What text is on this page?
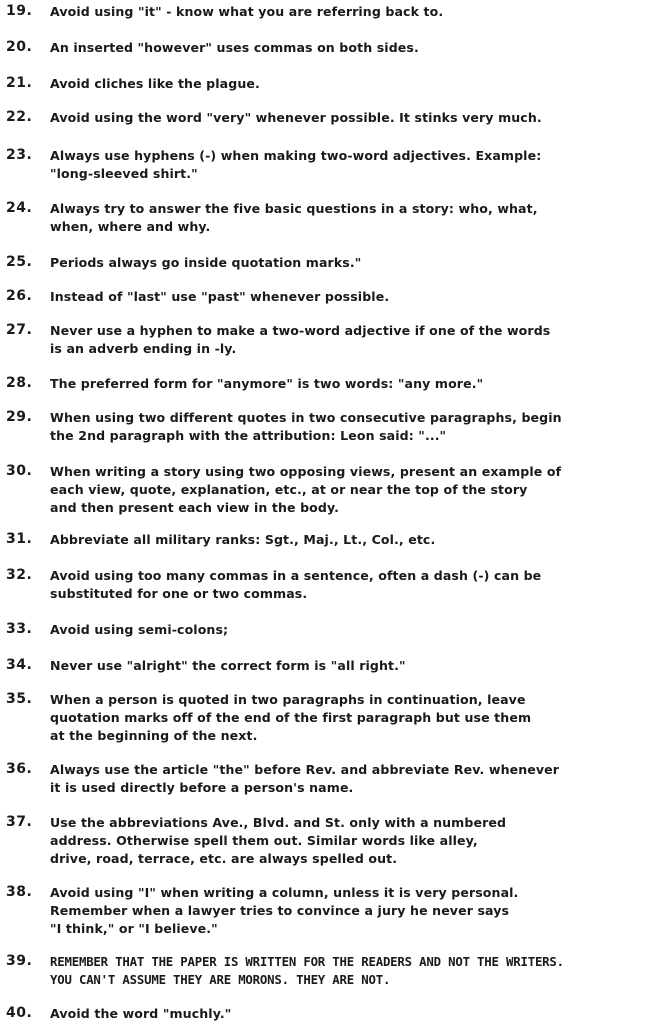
19.	Avoid using "it" - know what you are referring back to.
20.	An inserted "however" uses commas on both sides.
21.	Avoid cliches like the plague.
22.	Avoid using the word "very" whenever possible. It stinks very much.
23.	Always use hyphens (-) when making two-word adjectives. Example:
"long-sleeved shirt."
24.	Always try to answer the five basic questions in a story: who, what,
when, where and why.
25.	Periods always go inside quotation marks."
26.	Instead of "last" use "past" whenever possible.
27.	Never use a hyphen to make a two-word adjective if one of the words
is an adverb ending in -ly.
28.	The preferred form for "anymore" is two words: "any more."
29.	When using two different quotes in two consecutive paragraphs, begin
the 2nd paragraph with the attribution: Leon said: "..."
30.	When writing a story using two opposing views, present an example of
each view, quote, explanation, etc., at or near the top of the story
and then present each view in the body.
31.	Abbreviate all military ranks: Sgt., Maj., Lt., Col., etc.
32.	Avoid using too many commas in a sentence, often a dash (-) can be
substituted for one or two commas.
33.	Avoid using semi-colons;
34.	Never use "alright" the correct form is "all right."
35.	When a person is quoted in two paragraphs in continuation, leave
quotation marks off of the end of the first paragraph but use them
at the beginning of the next.
36.	Always use the article "the" before Rev. and abbreviate Rev. whenever
it is used directly before a person's name.
37.	Use the abbreviations Ave., Blvd. and St. only with a numbered
address. Otherwise spell them out. Similar words like alley,
drive, road, terrace, etc. are always spelled out.
38.	Avoid using "I" when writing a column, unless it is very personal.
Remember when a lawyer tries to convince a jury he never says
"I think," or "I believe."
39.	REMEMBER THAT THE PAPER IS WRITTEN FOR THE READERS AND NOT THE WRITERS.
YOU CAN'T ASSUME THEY ARE MORONS. THEY ARE NOT.
40.	Avoid the word "muchly."
